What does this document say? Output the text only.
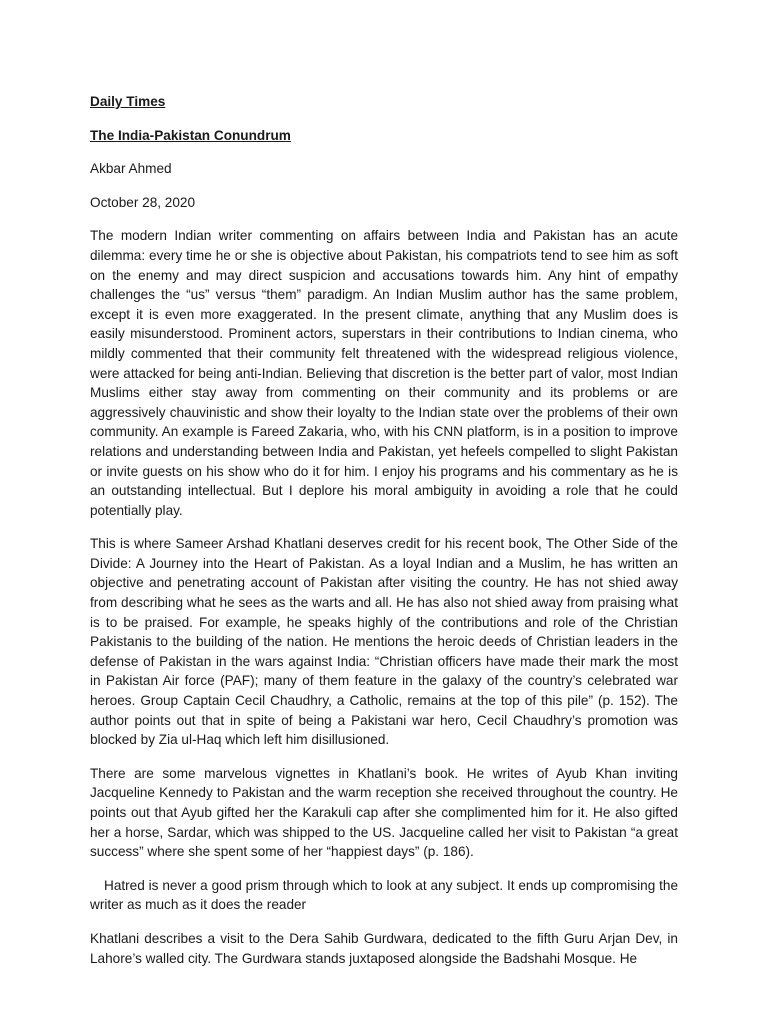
Daily Times

The India-Pakistan Conundrum

Akbar Ahmed

October 28, 2020

The modern Indian writer commenting on affairs between India and Pakistan has an acute dilemma: every time he or she is objective about Pakistan, his compatriots tend to see him as soft on the enemy and may direct suspicion and accusations towards him. Any hint of empathy challenges the “us” versus “them” paradigm. An Indian Muslim author has the same problem, except it is even more exaggerated. In the present climate, anything that any Muslim does is easily misunderstood. Prominent actors, superstars in their contributions to Indian cinema, who mildly commented that their community felt threatened with the widespread religious violence, were attacked for being anti-Indian. Believing that discretion is the better part of valor, most Indian Muslims either stay away from commenting on their community and its problems or are aggressively chauvinistic and show their loyalty to the Indian state over the problems of their own community. An example is Fareed Zakaria, who, with his CNN platform, is in a position to improve relations and understanding between India and Pakistan, yet hefeels compelled to slight Pakistan or invite guests on his show who do it for him. I enjoy his programs and his commentary as he is an outstanding intellectual. But I deplore his moral ambiguity in avoiding a role that he could potentially play.

This is where Sameer Arshad Khatlani deserves credit for his recent book, The Other Side of the Divide: A Journey into the Heart of Pakistan. As a loyal Indian and a Muslim, he has written an objective and penetrating account of Pakistan after visiting the country. He has not shied away from describing what he sees as the warts and all. He has also not shied away from praising what is to be praised. For example, he speaks highly of the contributions and role of the Christian Pakistanis to the building of the nation. He mentions the heroic deeds of Christian leaders in the defense of Pakistan in the wars against India: “Christian officers have made their mark the most in Pakistan Air force (PAF); many of them feature in the galaxy of the country’s celebrated war heroes. Group Captain Cecil Chaudhry, a Catholic, remains at the top of this pile” (p. 152). The author points out that in spite of being a Pakistani war hero, Cecil Chaudhry’s promotion was blocked by Zia ul-Haq which left him disillusioned.

There are some marvelous vignettes in Khatlani’s book. He writes of Ayub Khan inviting Jacqueline Kennedy to Pakistan and the warm reception she received throughout the country. He points out that Ayub gifted her the Karakuli cap after she complimented him for it. He also gifted her a horse, Sardar, which was shipped to the US. Jacqueline called her visit to Pakistan “a great success” where she spent some of her “happiest days” (p. 186).

Hatred is never a good prism through which to look at any subject. It ends up compromising the writer as much as it does the reader

Khatlani describes a visit to the Dera Sahib Gurdwara, dedicated to the fifth Guru Arjan Dev, in Lahore’s walled city. The Gurdwara stands juxtaposed alongside the Badshahi Mosque. He
